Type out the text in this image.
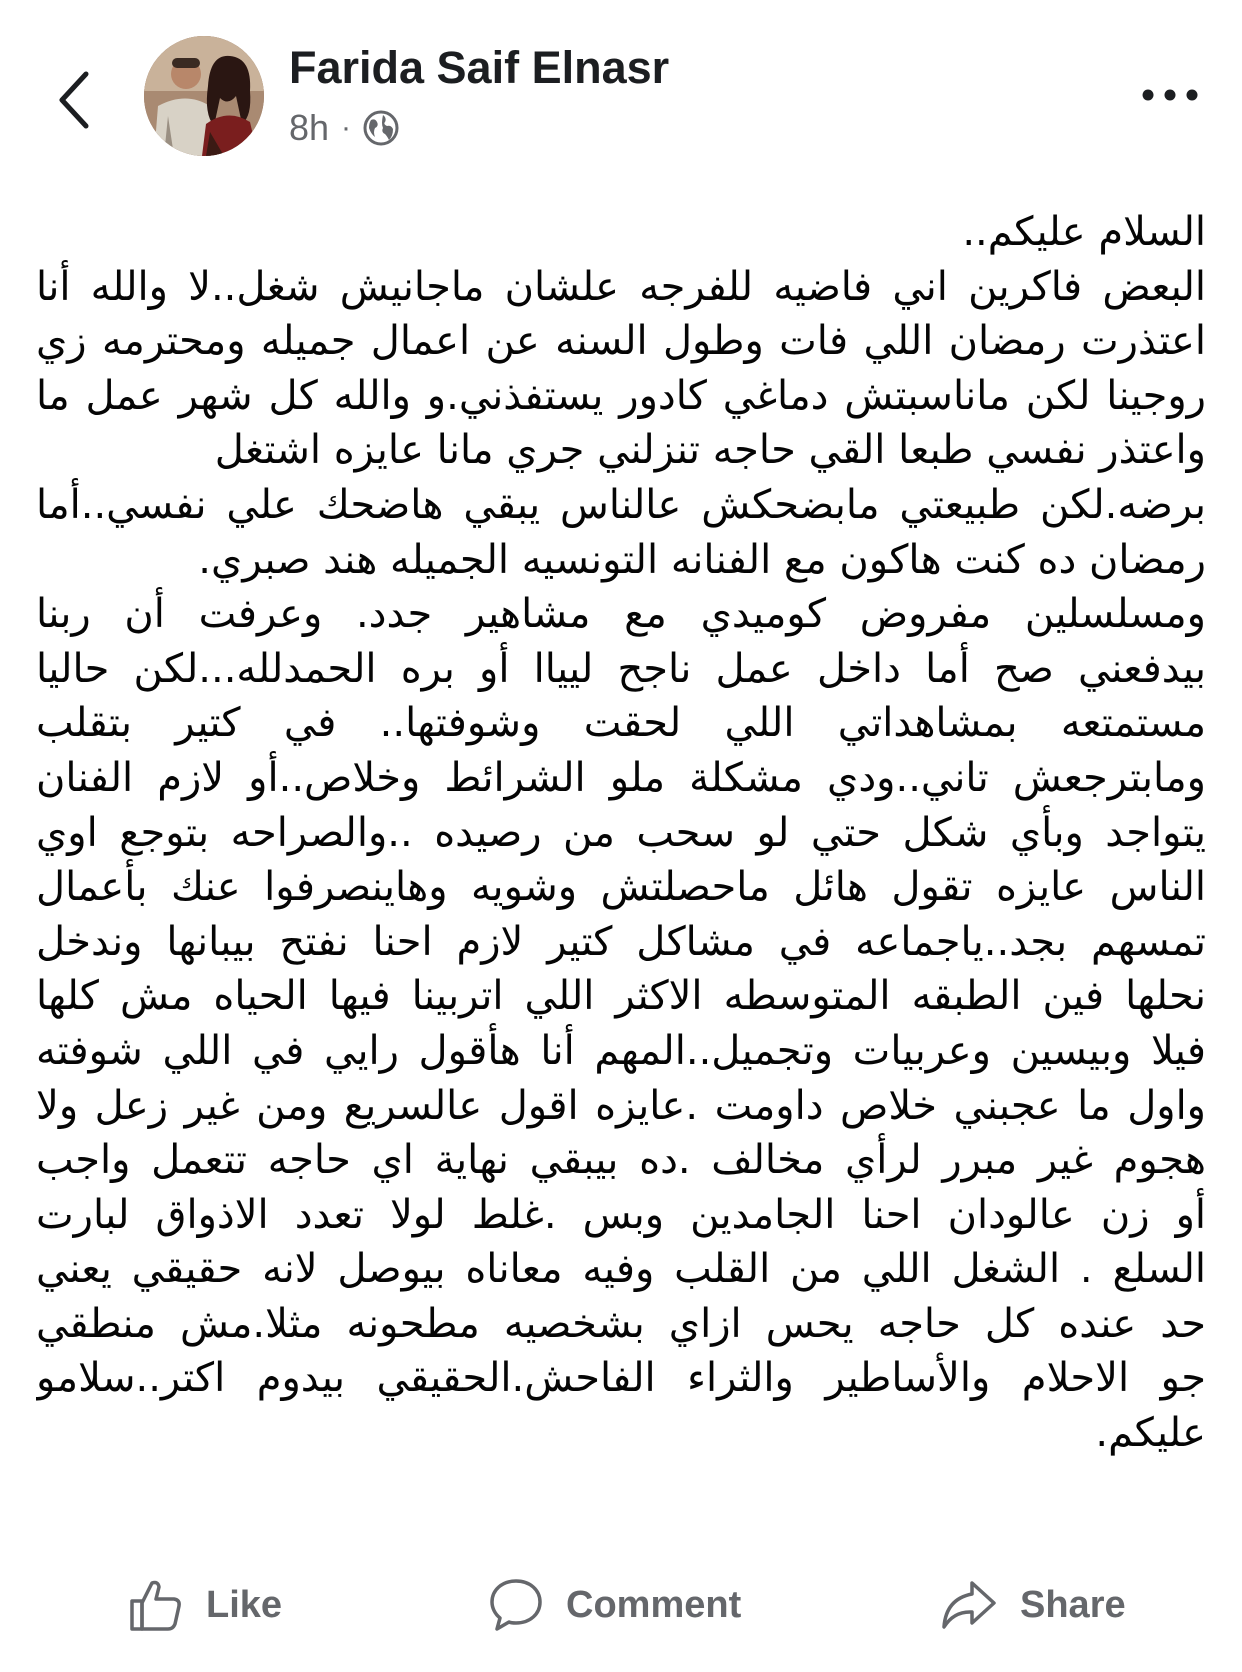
Farida Saif Elnasr
8h ·
السلام عليكم..
البعض فاكرين اني فاضيه للفرجه علشان ماجانيش شغل..لا والله أنا
اعتذرت رمضان اللي فات وطول السنه عن اعمال جميله ومحترمه زي
روجينا لكن ماناسبتش دماغي كادور يستفذني.و والله كل شهر عمل ما
واعتذر نفسي طبعا القي حاجه تنزلني جري مانا عايزه اشتغل
برضه.لكن طبيعتي مابضحكش عالناس يبقي هاضحك علي نفسي..أما
رمضان ده كنت هاكون مع الفنانه التونسيه الجميله هند صبري.
ومسلسلين مفروض كوميدي مع مشاهير جدد. وعرفت أن ربنا
بيدفعني صح أما داخل عمل ناجح ليياا أو بره الحمدلله...لكن حاليا
مستمتعه بمشاهداتي اللي لحقت وشوفتها.. في كتير بتقلب
ومابترجعش تاني..ودي مشكلة ملو الشرائط وخلاص..أو لازم الفنان
يتواجد وبأي شكل حتي لو سحب من رصيده ..والصراحه بتوجع اوي
الناس عايزه تقول هائل ماحصلتش وشويه وهاينصرفوا عنك بأعمال
تمسهم بجد..ياجماعه في مشاكل كتير لازم احنا نفتح بيبانها وندخل
نحلها فين الطبقه المتوسطه الاكثر اللي اتربينا فيها الحياه مش كلها
فيلا وبيسين وعربيات وتجميل..المهم أنا هأقول رايي في اللي شوفته
واول ما عجبني خلاص داومت .عايزه اقول عالسريع ومن غير زعل ولا
هجوم غير مبرر لرأي مخالف .ده بيبقي نهاية اي حاجه تتعمل واجب
أو زن عالودان احنا الجامدين وبس .غلط لولا تعدد الاذواق لبارت
السلع . الشغل اللي من القلب وفيه معاناه بيوصل لانه حقيقي يعني
حد عنده كل حاجه يحس ازاي بشخصيه مطحونه مثلا.مش منطقي
جو الاحلام والأساطير والثراء الفاحش.الحقيقي بيدوم اكتر..سلامو
عليكم.
Like	Comment	Share
